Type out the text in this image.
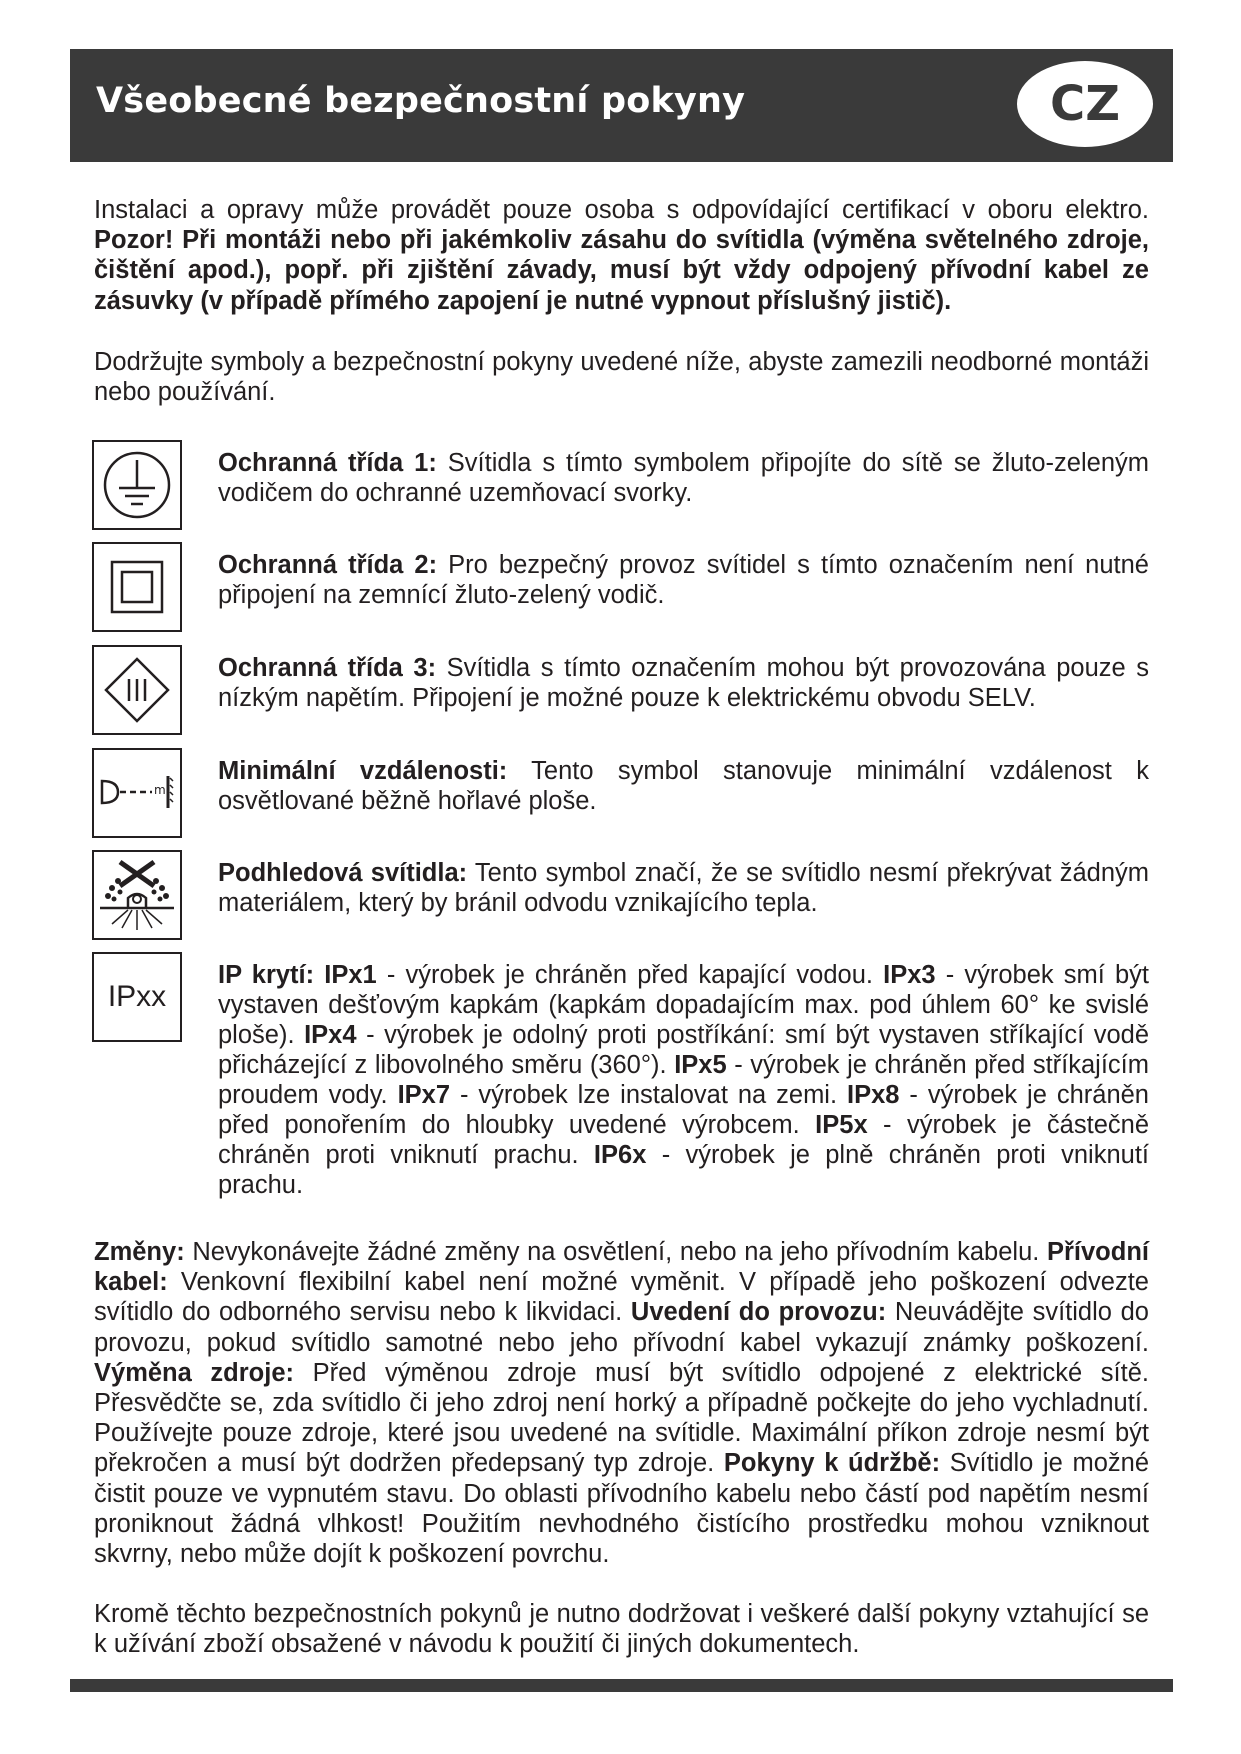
Všeobecné bezpečnostní pokyny	CZ

Instalaci a opravy může provádět pouze osoba s odpovídající certifikací v oboru elektro. Pozor! Při montáži nebo při jakémkoliv zásahu do svítidla (výměna světelného zdroje, čištění apod.), popř. při zjištění závady, musí být vždy odpojený přívodní kabel ze zásuvky (v případě přímého zapojení je nutné vypnout příslušný jistič).

Dodržujte symboly a bezpečnostní pokyny uvedené níže, abyste zamezili neodborné montáži nebo používání.

Ochranná třída 1: Svítidla s tímto symbolem připojíte do sítě se žluto-zeleným vodičem do ochranné uzemňovací svorky.

Ochranná třída 2: Pro bezpečný provoz svítidel s tímto označením není nutné připojení na zemnící žluto-zelený vodič.

Ochranná třída 3: Svítidla s tímto označením mohou být provozována pouze s nízkým napětím. Připojení je možné pouze k elektrickému obvodu SELV.

m

Minimální vzdálenosti: Tento symbol stanovuje minimální vzdálenost k osvětlované běžně hořlavé ploše.

Podhledová svítidla: Tento symbol značí, že se svítidlo nesmí překrývat žádným materiálem, který by bránil odvodu vznikajícího tepla.

IPxx

IP krytí: IPx1 - výrobek je chráněn před kapající vodou. IPx3 - výrobek smí být vystaven dešťovým kapkám (kapkám dopadajícím max. pod úhlem 60° ke svislé ploše). IPx4 - výrobek je odolný proti postříkání: smí být vystaven stříkající vodě přicházející z libovolného směru (360°). IPx5 - výrobek je chráněn před stříkajícím proudem vody. IPx7 - výrobek lze instalovat na zemi. IPx8 - výrobek je chráněn před ponořením do hloubky uvedené výrobcem. IP5x - výrobek je částečně chráněn proti vniknutí prachu. IP6x - výrobek je plně chráněn proti vniknutí prachu.

Změny: Nevykonávejte žádné změny na osvětlení, nebo na jeho přívodním kabelu. Přívodní kabel: Venkovní flexibilní kabel není možné vyměnit. V případě jeho poškození odvezte svítidlo do odborného servisu nebo k likvidaci. Uvedení do provozu: Neuvádějte svítidlo do provozu, pokud svítidlo samotné nebo jeho přívodní kabel vykazují známky poškození. Výměna zdroje: Před výměnou zdroje musí být svítidlo odpojené z elektrické sítě. Přesvědčte se, zda svítidlo či jeho zdroj není horký a případně počkejte do jeho vychladnutí. Používejte pouze zdroje, které jsou uvedené na svítidle. Maximální příkon zdroje nesmí být překročen a musí být dodržen předepsaný typ zdroje. Pokyny k údržbě: Svítidlo je možné čistit pouze ve vypnutém stavu. Do oblasti přívodního kabelu nebo částí pod napětím nesmí proniknout žádná vlhkost! Použitím nevhodného čistícího prostředku mohou vzniknout skvrny, nebo může dojít k poškození povrchu.

Kromě těchto bezpečnostních pokynů je nutno dodržovat i veškeré další pokyny vztahující se k užívání zboží obsažené v návodu k použití či jiných dokumentech.
